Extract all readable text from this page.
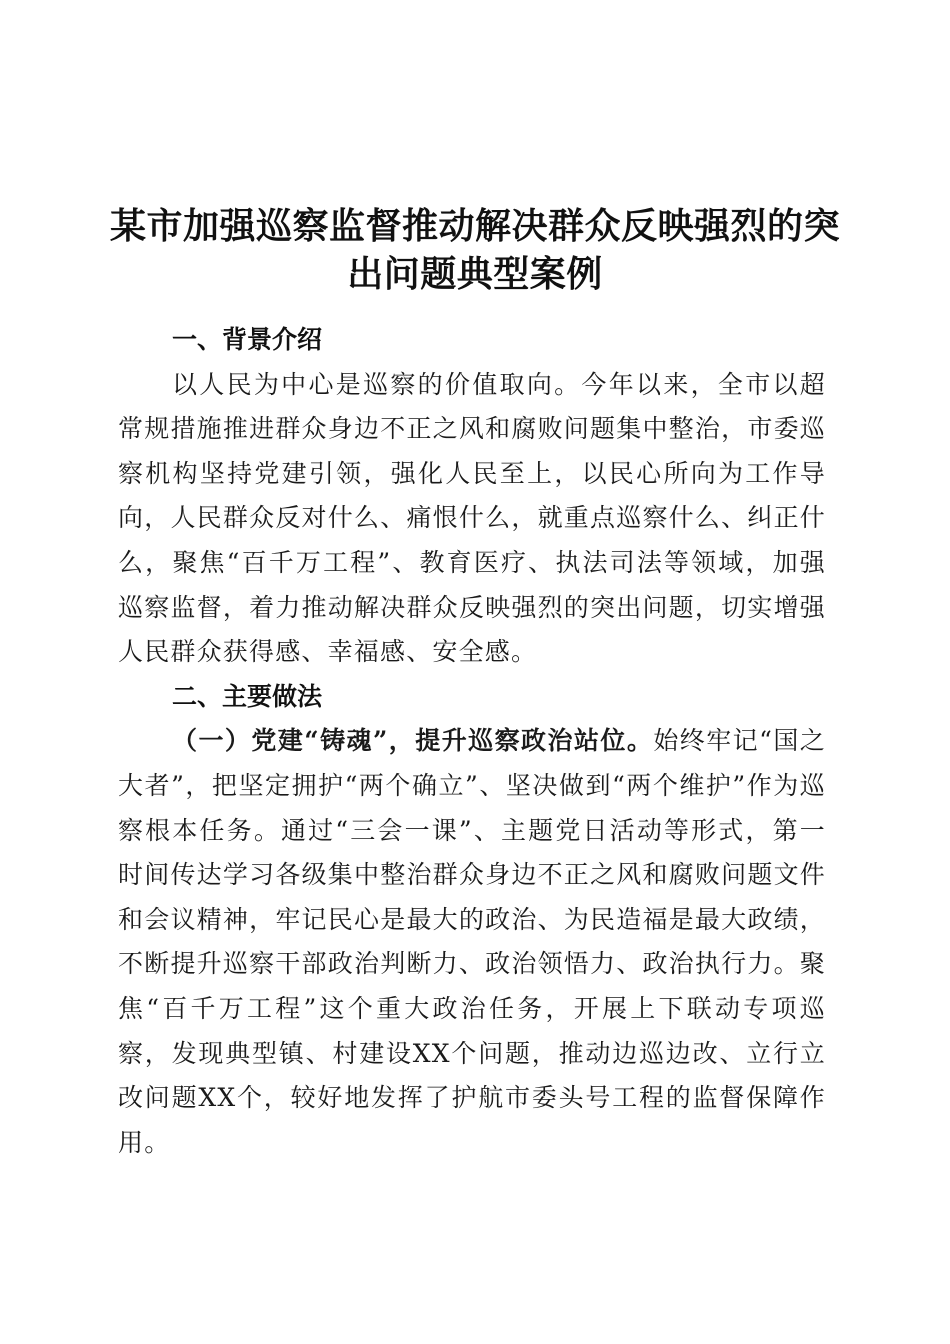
某市加强巡察监督推动解决群众反映强烈的突出问题典型案例
一、背景介绍

以人民为中心是巡察的价值取向。今年以来，全市以超常规措施推进群众身边不正之风和腐败问题集中整治，市委巡察机构坚持党建引领，强化人民至上，以民心所向为工作导向，人民群众反对什么、痛恨什么，就重点巡察什么、纠正什么，聚焦“百千万工程”、教育医疗、执法司法等领域，加强巡察监督，着力推动解决群众反映强烈的突出问题，切实增强人民群众获得感、幸福感、安全感。

二、主要做法

（一）党建“铸魂”，提升巡察政治站位。始终牢记“国之大者”，把坚定拥护“两个确立”、坚决做到“两个维护”作为巡察根本任务。通过“三会一课”、主题党日活动等形式，第一时间传达学习各级集中整治群众身边不正之风和腐败问题文件和会议精神，牢记民心是最大的政治、为民造福是最大政绩，不断提升巡察干部政治判断力、政治领悟力、政治执行力。聚焦“百千万工程”这个重大政治任务，开展上下联动专项巡察，发现典型镇、村建设XX个问题，推动边巡边改、立行立改问题XX个，较好地发挥了护航市委头号工程的监督保障作用。
